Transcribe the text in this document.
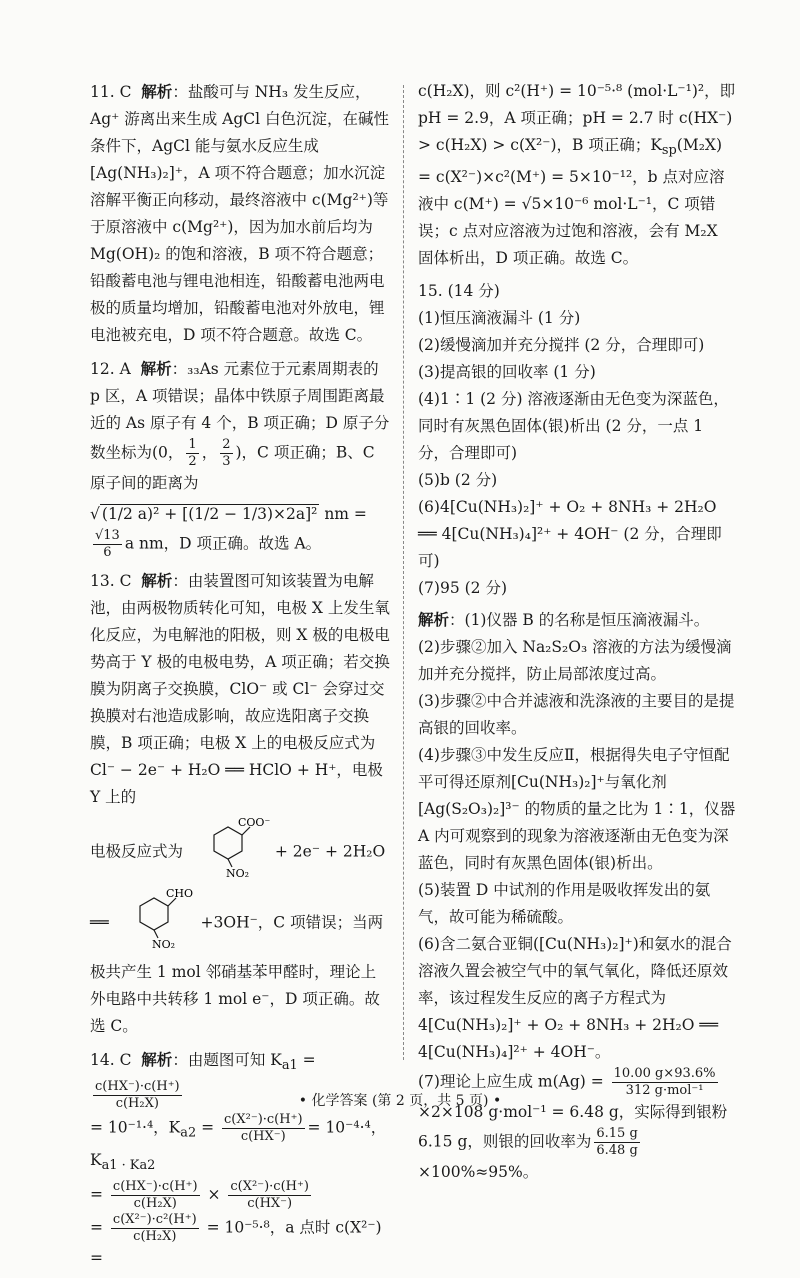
11. C 解析：盐酸可与 NH₃ 发生反应，Ag⁺ 游离出来生成 AgCl 白色沉淀，在碱性条件下，AgCl 能与氨水反应生成[Ag(NH₃)₂]⁺，A 项不符合题意；加水沉淀溶解平衡正向移动，最终溶液中 c(Mg²⁺)等于原溶液中 c(Mg²⁺)，因为加水前后均为 Mg(OH)₂ 的饱和溶液，B 项不符合题意；铅酸蓄电池与锂电池相连，铅酸蓄电池两电极的质量均增加，铅酸蓄电池对外放电，锂电池被充电，D 项不符合题意。故选 C。
12. A 解析：₃₃As 元素位于元素周期表的 p 区，A 项错误；晶体中铁原子周围距离最近的 As 原子有 4 个，B 项正确；D 原子分数坐标为(0， $\frac{1}{2}$ ， $\frac{2}{3}$ )，C 项正确；B、C 原子间的距离为
√ (1/2 a)² + [(1/2 − 1/3)×2a]² nm =
$\frac{√13}{6}$ a nm，D 项正确。故选 A。
13. C 解析：由装置图可知该装置为电解池，由两极物质转化可知，电极 X 上发生氧化反应，为电解池的阳极，则 X 极的电极电势高于 Y 极的电极电势，A 项正确；若交换膜为阴离子交换膜，ClO⁻ 或 Cl⁻ 会穿过交换膜对右池造成影响，故应选阳离子交换膜，B 项正确；电极 X 上的电极反应式为 Cl⁻ − 2e⁻ + H₂O ══ HClO + H⁺，电极 Y 上的
电极反应式为
COO⁻
NO₂
+ 2e⁻ + 2H₂O
══
CHO
NO₂
+3OH⁻，C 项错误；当两极共产生 1 mol 邻硝基苯甲醛时，理论上外电路中共转移 1 mol e⁻，D 项正确。故选 C。
14. C 解析：由题图可知 $K_{a1}$ =
$\frac{c(HX^-)\cdot c(H^+)}{\text{c(H₂X)}}$
= 10⁻¹·⁴，$K_{a2} = \frac{\text{c(X²⁻)·c(H⁺)}}{c(HX^-)} = 10^{-4}\cdot^4$，$K_{a1 \cdot Ka2}$
= $\frac{c(HX^-)\cdot c(H^+)}{\text{c(H₂X)}} \times \frac{\text{c(X²⁻)·c(H⁺)}}{c(HX^-)}$
= $\frac{\text{c(X²⁻)·c²(H⁺)}}{\text{c(H₂X)}} = 10^{-5}\cdot^8$，a 点时 c(X²⁻) =
c(H₂X)，则 c²(H⁺) = 10⁻⁵·⁸ (mol·L⁻¹)²，即 pH = 2.9，A 项正确；pH = 2.7 时 c(HX⁻) > c(H₂X) > c(X²⁻)，B 项正确；$K_{sp}(M_2X) = c(X^{2-})\times c^2(M^+) = 5\times 10^{-12}$，b 点对应溶液中 c(M⁺) = √5×10⁻⁶ mol·L⁻¹，C 项错误；c 点对应溶液为过饱和溶液，会有 M₂X 固体析出，D 项正确。故选 C。

15. (14 分)

(1)恒压滴液漏斗 (1 分)

(2)缓慢滴加并充分搅拌 (2 分，合理即可)

(3)提高银的回收率 (1 分)

(4)1∶1 (2 分) 溶液逐渐由无色变为深蓝色，同时有灰黑色固体(银)析出 (2 分，一点 1 分，合理即可)

(5)b (2 分)

(6)4[Cu(NH₃)₂]⁺ + O₂ + 8NH₃ + 2H₂O ══ 4[Cu(NH₃)₄]²⁺ + 4OH⁻ (2 分，合理即可)

(7)95 (2 分)

解析：(1)仪器 B 的名称是恒压滴液漏斗。

(2)步骤②加入 Na₂S₂O₃ 溶液的方法为缓慢滴加并充分搅拌，防止局部浓度过高。

(3)步骤②中合并滤液和洗涤液的主要目的是提高银的回收率。

(4)步骤③中发生反应Ⅱ，根据得失电子守恒配平可得还原剂[Cu(NH₃)₂]⁺与氧化剂[Ag(S₂O₃)₂]³⁻ 的物质的量之比为 1∶1，仪器 A 内可观察到的现象为溶液逐渐由无色变为深蓝色，同时有灰黑色固体(银)析出。

(5)装置 D 中试剂的作用是吸收挥发出的氨气，故可能为稀硫酸。

(6)含二氨合亚铜([Cu(NH₃)₂]⁺)和氨水的混合溶液久置会被空气中的氧气氧化，降低还原效率，该过程发生反应的离子方程式为 4[Cu(NH₃)₂]⁺ + O₂ + 8NH₃ + 2H₂O ══ 4[Cu(NH₃)₄]²⁺ + 4OH⁻。

(7)理论上应生成 $m(Ag) = \frac{10.00 g\times 93.6\%}{\text{312 g·mol⁻¹}}$
×2×108 g·mol⁻¹ = 6.48 g，实际得到银粉 6.15 g，则银的回收率为 $\frac{6.15 g}{6.48 g}$
×100%≈95%。

• 化学答案 (第 2 页，共 5 页) •
